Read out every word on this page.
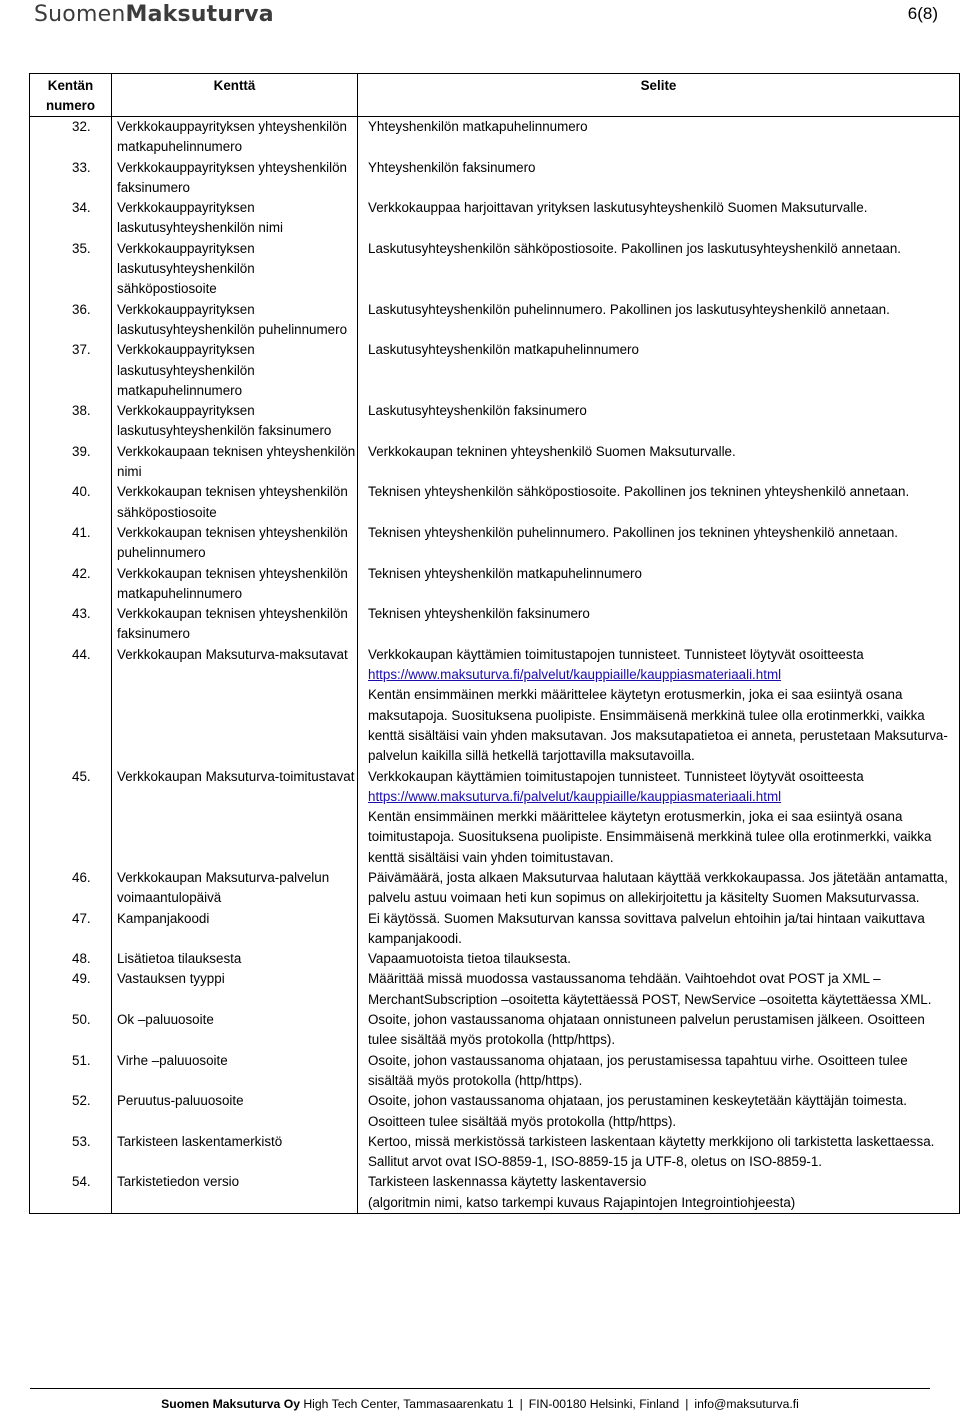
SuomenMaksuturva	6(8)
Kentän numero	Kenttä	Selite
32.	Verkkokauppayrityksen yhteyshenkilön matkapuhelinnumero	Yhteyshenkilön matkapuhelinnumero

33.	Verkkokauppayrityksen yhteyshenkilön faksinumero	Yhteyshenkilön faksinumero

34.	Verkkokauppayrityksen laskutusyhteyshenkilön nimi	Verkkokauppaa harjoittavan yrityksen laskutusyhteyshenkilö Suomen Maksuturvalle.

35.	Verkkokauppayrityksen laskutusyhteyshenkilön sähköpostiosoite	Laskutusyhteyshenkilön sähköpostiosoite. Pakollinen jos laskutusyhteyshenkilö annetaan.

36.	Verkkokauppayrityksen laskutusyhteyshenkilön puhelinnumero	Laskutusyhteyshenkilön puhelinnumero. Pakollinen jos laskutusyhteyshenkilö annetaan.

37.	Verkkokauppayrityksen laskutusyhteyshenkilön matkapuhelinnumero	Laskutusyhteyshenkilön matkapuhelinnumero

38.	Verkkokauppayrityksen laskutusyhteyshenkilön faksinumero	Laskutusyhteyshenkilön faksinumero

39.	Verkkokaupaan teknisen yhteyshenkilön nimi	Verkkokaupan tekninen yhteyshenkilö Suomen Maksuturvalle.

40.	Verkkokaupan teknisen yhteyshenkilön sähköpostiosoite	Teknisen yhteyshenkilön sähköpostiosoite. Pakollinen jos tekninen yhteyshenkilö annetaan.

41.	Verkkokaupan teknisen yhteyshenkilön puhelinnumero	Teknisen yhteyshenkilön puhelinnumero. Pakollinen jos tekninen yhteyshenkilö annetaan.

42.	Verkkokaupan teknisen yhteyshenkilön matkapuhelinnumero	Teknisen yhteyshenkilön matkapuhelinnumero

43.	Verkkokaupan teknisen yhteyshenkilön faksinumero	Teknisen yhteyshenkilön faksinumero

44.	Verkkokaupan Maksuturva-maksutavat	Verkkokaupan käyttämien toimitustapojen tunnisteet. Tunnisteet löytyvät osoitteesta
https://www.maksuturva.fi/palvelut/kauppiaille/kauppiasmateriaali.html
Kentän ensimmäinen merkki määrittelee käytetyn erotusmerkin, joka ei saa esiintyä osana maksutapoja. Suosituksena puolipiste. Ensimmäisenä merkkinä tulee olla erotinmerkki, vaikka kenttä sisältäisi vain yhden maksutavan. Jos maksutapatietoa ei anneta, perustetaan Maksuturva-palvelun kaikilla sillä hetkellä tarjottavilla maksutavoilla.

45.	Verkkokaupan Maksuturva-toimitustavat	Verkkokaupan käyttämien toimitustapojen tunnisteet. Tunnisteet löytyvät osoitteesta
https://www.maksuturva.fi/palvelut/kauppiaille/kauppiasmateriaali.html
Kentän ensimmäinen merkki määrittelee käytetyn erotusmerkin, joka ei saa esiintyä osana toimitustapoja. Suosituksena puolipiste. Ensimmäisenä merkkinä tulee olla erotinmerkki, vaikka kenttä sisältäisi vain yhden toimitustavan.

46.	Verkkokaupan Maksuturva-palvelun voimaantulopäivä	Päivämäärä, josta alkaen Maksuturvaa halutaan käyttää verkkokaupassa. Jos jätetään antamatta, palvelu astuu voimaan heti kun sopimus on allekirjoitettu ja käsitelty Suomen Maksuturvassa.

47.	Kampanjakoodi	Ei käytössä. Suomen Maksuturvan kanssa sovittava palvelun ehtoihin ja/tai hintaan vaikuttava kampanjakoodi.

48.	Lisätietoa tilauksesta	Vapaamuotoista tietoa tilauksesta.

49.	Vastauksen tyyppi	Määrittää missä muodossa vastaussanoma tehdään. Vaihtoehdot ovat POST ja XML – MerchantSubscription –osoitetta käytettäessä POST, NewService –osoitetta käytettäessa XML.

50.	Ok –paluuosoite	Osoite, johon vastaussanoma ohjataan onnistuneen palvelun perustamisen jälkeen. Osoitteen tulee sisältää myös protokolla (http/https).

51.	Virhe –paluuosoite	Osoite, johon vastaussanoma ohjataan, jos perustamisessa tapahtuu virhe. Osoitteen tulee sisältää myös protokolla (http/https).

52.	Peruutus-paluuosoite	Osoite, johon vastaussanoma ohjataan, jos perustaminen keskeytetään käyttäjän toimesta. Osoitteen tulee sisältää myös protokolla (http/https).

53.	Tarkisteen laskentamerkistö	Kertoo, missä merkistössä tarkisteen laskentaan käytetty merkkijono oli tarkistetta laskettaessa. Sallitut arvot ovat ISO-8859-1, ISO-8859-15 ja UTF-8, oletus on ISO-8859-1.

54.	Tarkistetiedon versio	Tarkisteen laskennassa käytetty laskentaversio
(algoritmin nimi, katso tarkempi kuvaus Rajapintojen Integrointiohjeesta)
Suomen Maksuturva Oy High Tech Center, Tammasaarenkatu 1 | FIN-00180 Helsinki, Finland | info@maksuturva.fi
